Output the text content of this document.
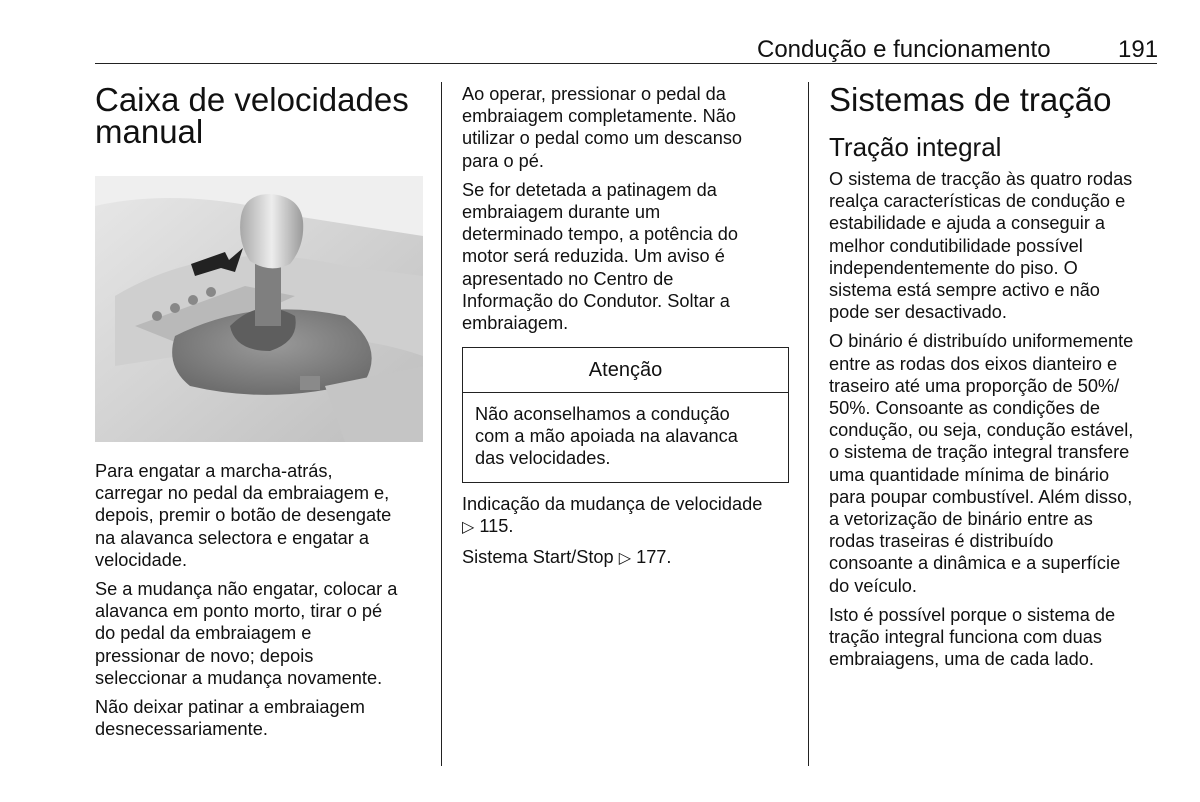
Condução e funcionamento	191
Caixa de velocidades
manual
Para engatar a marcha-atrás,
carregar no pedal da embraiagem e,
depois, premir o botão de desengate
na alavanca selectora e engatar a
velocidade.
Se a mudança não engatar, colocar a
alavanca em ponto morto, tirar o pé
do pedal da embraiagem e
pressionar de novo; depois
seleccionar a mudança novamente.
Não deixar patinar a embraiagem
desnecessariamente.
Ao operar, pressionar o pedal da
embraiagem completamente. Não
utilizar o pedal como um descanso
para o pé.
Se for detetada a patinagem da
embraiagem durante um
determinado tempo, a potência do
motor será reduzida. Um aviso é
apresentado no Centro de
Informação do Condutor. Soltar a
embraiagem.
Atenção
Não aconselhamos a condução
com a mão apoiada na alavanca
das velocidades.
Indicação da mudança de velocidade
▷ 115.
Sistema Start/Stop ▷ 177.
Sistemas de tração
Tração integral
O sistema de tracção às quatro rodas
realça características de condução e
estabilidade e ajuda a conseguir a
melhor condutibilidade possível
independentemente do piso. O
sistema está sempre activo e não
pode ser desactivado.
O binário é distribuído uniformemente
entre as rodas dos eixos dianteiro e
traseiro até uma proporção de 50%/
50%. Consoante as condições de
condução, ou seja, condução estável,
o sistema de tração integral transfere
uma quantidade mínima de binário
para poupar combustível. Além disso,
a vetorização de binário entre as
rodas traseiras é distribuído
consoante a dinâmica e a superfície
do veículo.
Isto é possível porque o sistema de
tração integral funciona com duas
embraiagens, uma de cada lado.
